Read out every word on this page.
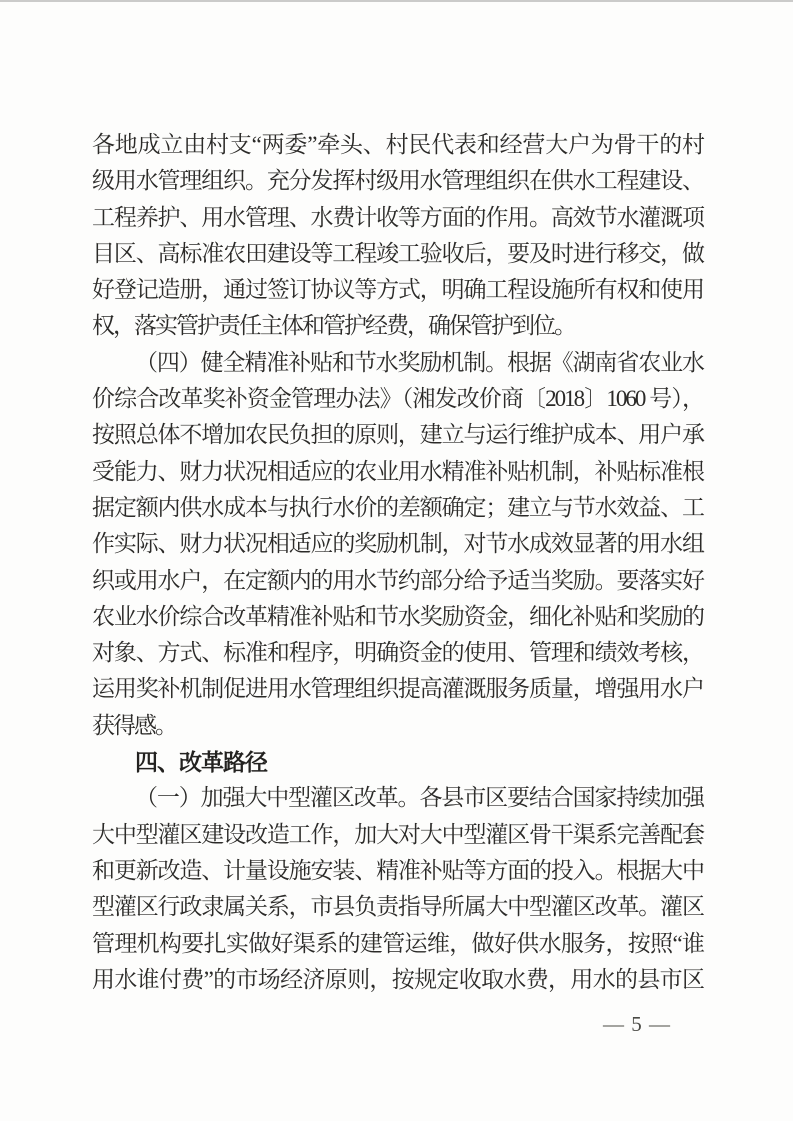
各地成立由村支“两委”牵头、村民代表和经营大户为骨干的村
级用水管理组织。充分发挥村级用水管理组织在供水工程建设、
工程养护、用水管理、水费计收等方面的作用。高效节水灌溉项
目区、高标准农田建设等工程竣工验收后，要及时进行移交，做
好登记造册，通过签订协议等方式，明确工程设施所有权和使用
权，落实管护责任主体和管护经费，确保管护到位。
（四）健全精准补贴和节水奖励机制。根据《湖南省农业水
价综合改革奖补资金管理办法》（湘发改价商〔2018〕1060 号），
按照总体不增加农民负担的原则，建立与运行维护成本、用户承
受能力、财力状况相适应的农业用水精准补贴机制，补贴标准根
据定额内供水成本与执行水价的差额确定；建立与节水效益、工
作实际、财力状况相适应的奖励机制，对节水成效显著的用水组
织或用水户，在定额内的用水节约部分给予适当奖励。要落实好
农业水价综合改革精准补贴和节水奖励资金，细化补贴和奖励的
对象、方式、标准和程序，明确资金的使用、管理和绩效考核，
运用奖补机制促进用水管理组织提高灌溉服务质量，增强用水户
获得感。
四、改革路径
（一）加强大中型灌区改革。各县市区要结合国家持续加强
大中型灌区建设改造工作，加大对大中型灌区骨干渠系完善配套
和更新改造、计量设施安装、精准补贴等方面的投入。根据大中
型灌区行政隶属关系，市县负责指导所属大中型灌区改革。灌区
管理机构要扎实做好渠系的建管运维，做好供水服务，按照“谁
用水谁付费”的市场经济原则，按规定收取水费，用水的县市区
— 5 —
